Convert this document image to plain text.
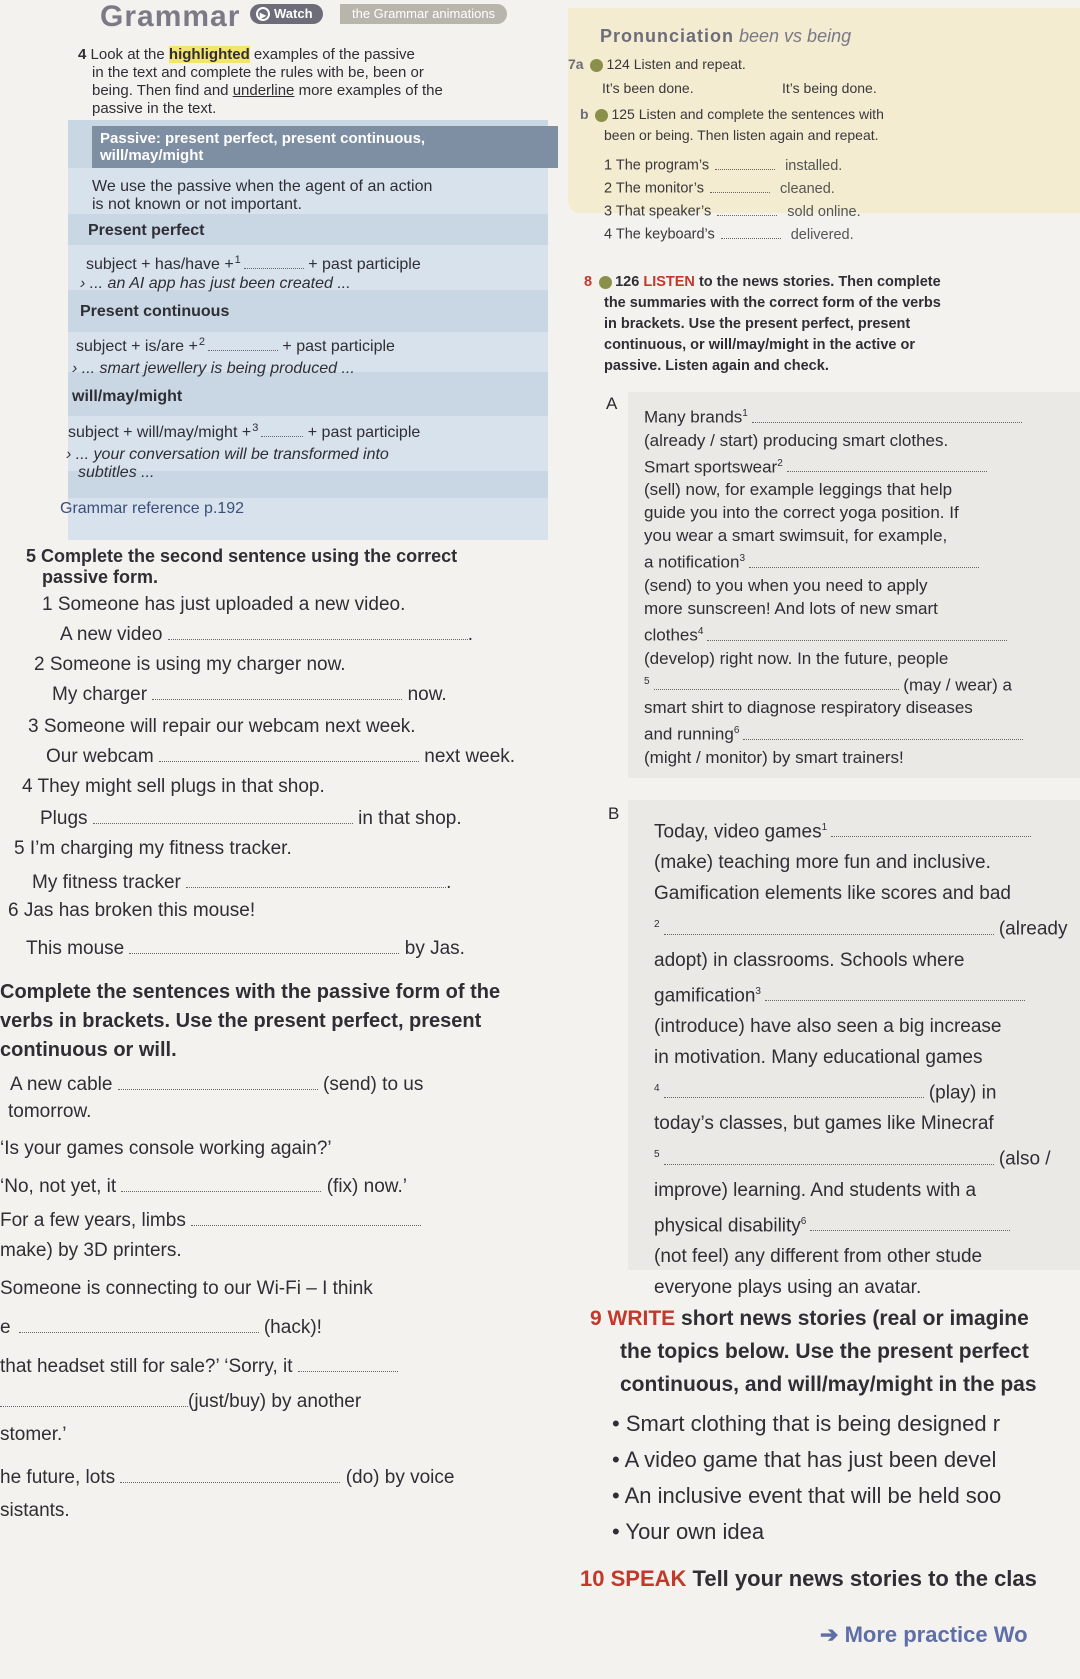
Grammar	▶ Watch	the Grammar animations
4 Look at the highlighted examples of the passive
in the text and complete the rules with be, been or
being. Then find and underline more examples of the
passive in the text.
Passive: present perfect, present continuous,
will/may/might
We use the passive when the agent of an action
is not known or not important.
Present perfect
subject + has/have +$^1$	+ past participle
› ... an AI app has just been created ...
Present continuous
subject + is/are +$^2$	+ past participle
› ... smart jewellery is being produced ...
will/may/might
subject + will/may/might +$^3$	+ past participle
› ... your conversation will be transformed into
subtitles ...
Grammar reference p.192
5 Complete the second sentence using the correct
passive form.
1 Someone has just uploaded a new video.
A new video	.
2 Someone is using my charger now.
My charger	now.
3 Someone will repair our webcam next week.
Our webcam	next week.
4 They might sell plugs in that shop.
Plugs	in that shop.
5 I’m charging my fitness tracker.
My fitness tracker	.
6 Jas has broken this mouse!
This mouse	by Jas.
Complete the sentences with the passive form of the
verbs in brackets. Use the present perfect, present
continuous or will.
A new cable	(send) to us
tomorrow.
‘Is your games console working again?’
‘No, not yet, it	(fix) now.’
For a few years, limbs
make) by 3D printers.
Someone is connecting to our Wi-Fi – I think
e	(hack)!
that headset still for sale?’ ‘Sorry, it
(just/buy) by another
stomer.’
he future, lots	(do) by voice
sistants.
Pronunciation been vs being
7a 124 Listen and repeat.
It’s been done.	It’s being done.
b 125 Listen and complete the sentences with
been or being. Then listen again and repeat.
1 The program’s	installed.
2 The monitor’s	cleaned.
3 That speaker’s	sold online.
4 The keyboard’s	delivered.
8 126 LISTEN to the news stories. Then complete
the summaries with the correct form of the verbs
in brackets. Use the present perfect, present
continuous, or will/may/might in the active or
passive. Listen again and check.
A
Many brands$^1$
(already / start) producing smart clothes.
Smart sportswear$^2$
(sell) now, for example leggings that help
guide you into the correct yoga position. If
you wear a smart swimsuit, for example,
a notification$^3$
(send) to you when you need to apply
more sunscreen! And lots of new smart
clothes$^4$
(develop) right now. In the future, people
$^5$	(may / wear) a
smart shirt to diagnose respiratory diseases
and running$^6$
(might / monitor) by smart trainers!
B
Today, video games$^1$
(make) teaching more fun and inclusive.
Gamification elements like scores and bad
$^2$	(already
adopt) in classrooms. Schools where
gamification$^3$
(introduce) have also seen a big increase
in motivation. Many educational games
$^4$	(play) in
today’s classes, but games like Minecraf
$^5$	(also /
improve) learning. And students with a
physical disability$^6$
(not feel) any different from other stude
everyone plays using an avatar.
9 WRITE short news stories (real or imagine
the topics below. Use the present perfect
continuous, and will/may/might in the pas
• Smart clothing that is being designed r
• A video game that has just been devel
• An inclusive event that will be held soo
• Your own idea
10 SPEAK Tell your news stories to the clas
➔ More practice Wo
